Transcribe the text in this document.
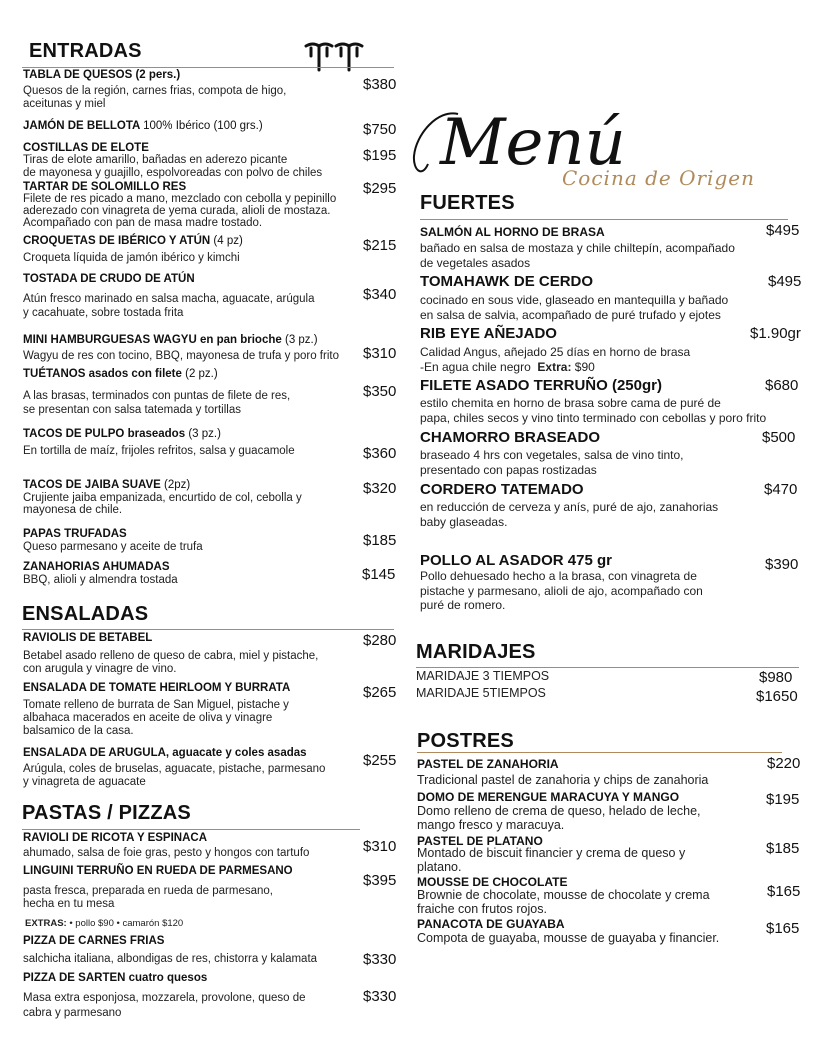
ENTRADAS
TABLA DE QUESOS (2 pers.)
Quesos de la región, carnes frias, compota de higo,
aceitunas y miel
$380
JAMÓN DE BELLOTA 100% Ibérico (100 grs.)	$750
COSTILLAS DE ELOTE
Tiras de elote amarillo, bañadas en aderezo picante
de mayonesa y guajillo, espolvoreadas con polvo de chiles
$195
TARTAR DE SOLOMILLO RES
Filete de res picado a mano, mezclado con cebolla y pepinillo
aderezado con vinagreta de yema curada, alioli de mostaza.
Acompañado con pan de masa madre tostado.
$295
CROQUETAS DE IBÉRICO Y ATÚN (4 pz)
Croqueta líquida de jamón ibérico y kimchi
$215
TOSTADA DE CRUDO DE ATÚN
Atún fresco marinado en salsa macha, aguacate, arúgula
y cacahuate, sobre tostada frita
$340
MINI HAMBURGUESAS WAGYU en pan brioche (3 pz.)
Wagyu de res con tocino, BBQ, mayonesa de trufa y poro frito $310
TUÉTANOS asados con filete (2 pz.)
A las brasas, terminados con puntas de filete de res,
se presentan con salsa tatemada y tortillas
$350
TACOS DE PULPO braseados (3 pz.)
En tortilla de maíz, frijoles refritos, salsa y guacamole	$360
TACOS DE JAIBA SUAVE (2pz)
Crujiente jaiba empanizada, encurtido de col, cebolla y
mayonesa de chile.
$320
PAPAS TRUFADAS
Queso parmesano y aceite de trufa	$185
ZANAHORIAS AHUMADAS
BBQ, alioli y almendra tostada	$145
ENSALADAS
RAVIOLIS DE BETABEL
Betabel asado relleno de queso de cabra, miel y pistache,
con arugula y vinagre de vino.
$280
ENSALADA DE TOMATE HEIRLOOM Y BURRATA
Tomate relleno de burrata de San Miguel, pistache y
albahaca macerados en aceite de oliva y vinagre
balsamico de la casa.
$265
ENSALADA DE ARUGULA, aguacate y coles asadas
Arúgula, coles de bruselas, aguacate, pistache, parmesano
y vinagreta de aguacate
$255
PASTAS / PIZZAS
RAVIOLI DE RICOTA Y ESPINACA
ahumado, salsa de foie gras, pesto y hongos con tartufo	$310
LINGUINI TERRUÑO EN RUEDA DE PARMESANO
pasta fresca, preparada en rueda de parmesano,
hecha en tu mesa
EXTRAS: • pollo $90 • camarón $120
$395
PIZZA DE CARNES FRIAS
salchicha italiana, albondigas de res, chistorra y kalamata	$330
PIZZA DE SARTEN cuatro quesos
Masa extra esponjosa, mozzarela, provolone, queso de
cabra y parmesano
$330
Menú
Cocina de Origen
FUERTES
SALMÓN AL HORNO DE BRASA
bañado en salsa de mostaza y chile chiltepín, acompañado
de vegetales asados
$495
TOMAHAWK DE CERDO
cocinado en sous vide, glaseado en mantequilla y bañado
en salsa de salvia, acompañado de puré trufado y ejotes
$495
RIB EYE AÑEJADO
Calidad Angus, añejado 25 días en horno de brasa
-En agua chile negro Extra: $90
$1.90gr
FILETE ASADO TERRUÑO (250gr)
estilo chemita en horno de brasa sobre cama de puré de
papa, chiles secos y vino tinto terminado con cebollas y poro frito
$680
CHAMORRO BRASEADO
braseado 4 hrs con vegetales, salsa de vino tinto,
presentado con papas rostizadas
$500
CORDERO TATEMADO
en reducción de cerveza y anís, puré de ajo, zanahorias
baby glaseadas.
$470
POLLO AL ASADOR 475 gr
Pollo dehuesado hecho a la brasa, con vinagreta de
pistache y parmesano, alioli de ajo, acompañado con
puré de romero.
$390
MARIDAJES
MARIDAJE 3 TIEMPOS	$980
MARIDAJE 5TIEMPOS	$1650
POSTRES
PASTEL DE ZANAHORIA
Tradicional pastel de zanahoria y chips de zanahoria
$220
DOMO DE MERENGUE MARACUYA Y MANGO
Domo relleno de crema de queso, helado de leche,
mango fresco y maracuya.
$195
PASTEL DE PLATANO
Montado de biscuit financier y crema de queso y
platano.
$185
MOUSSE DE CHOCOLATE
Brownie de chocolate, mousse de chocolate y crema
fraiche con frutos rojos.
$165
PANACOTA DE GUAYABA
Compota de guayaba, mousse de guayaba y financier.
$165
